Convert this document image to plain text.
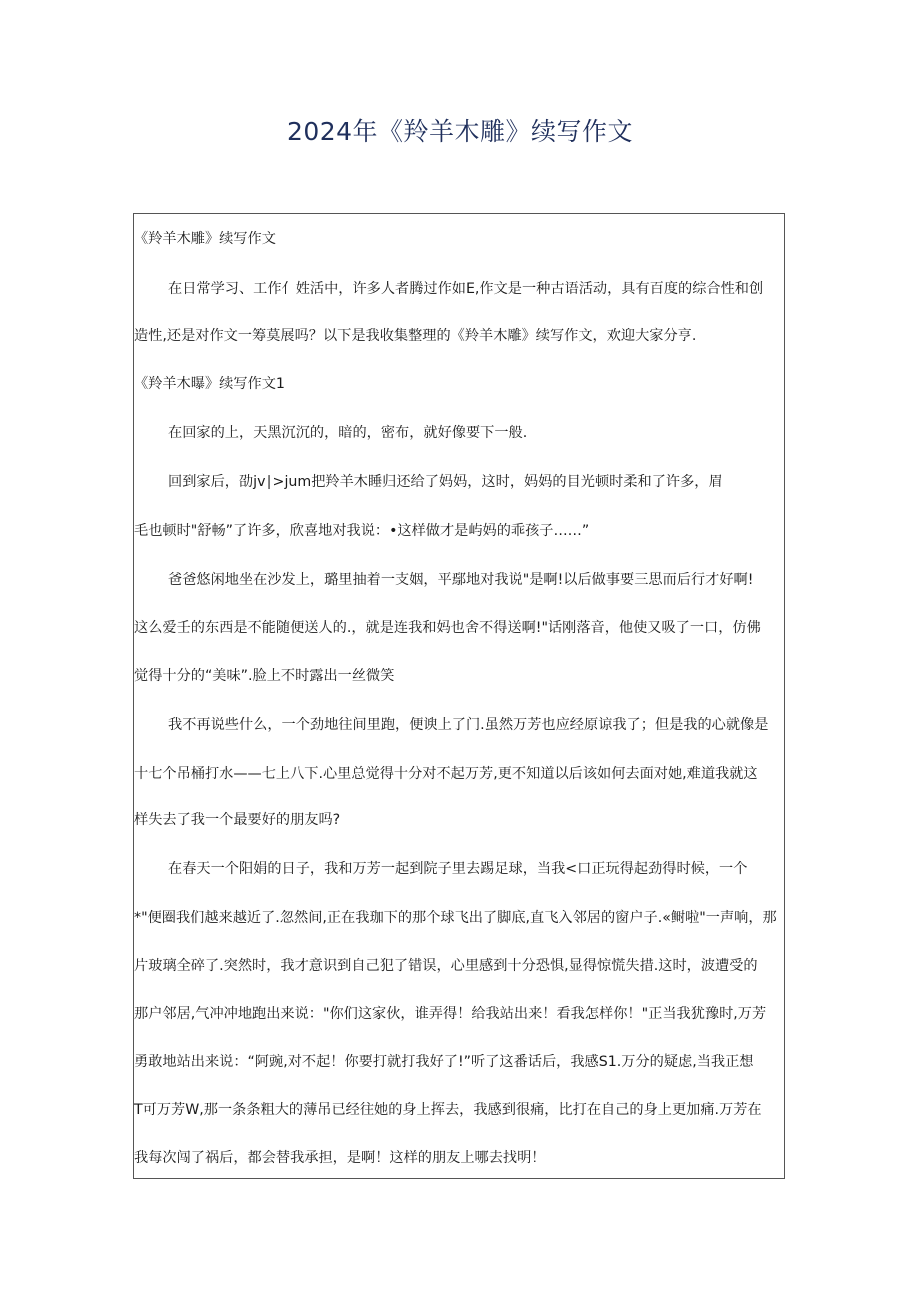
2024年《羚羊木雕》续写作文
《羚羊木雕》续写作文
在日常学习、工作亻姓活中，许多人者腾过作如E,作文是一种古语活动，具有百度的综合性和创
造性,还是对作文一筹莫展吗？以下是我收集整理的《羚羊木雕》续写作文，欢迎大家分亨.
《羚羊木曝》续写作文1
在回家的上，天黑沉沉的，暗的，密布，就好像要下一般.
回到家后，劭jv∣>jum把羚羊木睡归还给了妈妈，这时，妈妈的目光顿时柔和了许多，眉
毛也顿时"舒畅”了许多，欣喜地对我说：•这样做才是屿妈的乖孩子……”
爸爸悠闲地坐在沙发上，璐里抽着一支姻，平鄢地对我说"是啊!以后做事要三思而后行才好啊!
这么爱壬的东西是不能随便送人的.，就是连我和妈也舍不得送啊!"话刚落音，他使又吸了一口，仿佛
觉得十分的“美味”.脸上不时露出一丝微笑
我不再说些什么，一个劲地往间里跑，便谀上了门.虽然万芳也应经原谅我了；但是我的心就像是
十七个吊桶打水——七上八下.心里总觉得十分对不起万芳,更不知道以后该如何去面对她,难道我就这
样失去了我一个最要好的朋友吗?
在春天一个阳娟的日子，我和万芳一起到院子里去踢足球，当我<口正玩得起劲得时候，一个
*"便圈我们越来越近了.忽然间,正在我珈下的那个球飞出了脚底,直飞入邻居的窗户子.«鲥啦"一声响，那
片玻璃全碎了.突然时，我才意识到自己犯了错误，心里感到十分恐惧,显得惊慌失措.这时，波遭受的
那户邻居,气冲冲地跑出来说："你们这家伙，谁弄得！给我站出来！看我怎样你！"正当我犹豫时,万芳
勇敢地站出来说：“阿豌,对不起！你要打就打我好了!”听了这番话后，我感S1.万分的疑虑,当我正想
T可万芳W,那一条条粗大的薄吊已经往她的身上挥去，我感到很痛，比打在自己的身上更加痛.万芳在
我每次闯了祸后，都会替我承担，是啊！这样的朋友上哪去找明！
